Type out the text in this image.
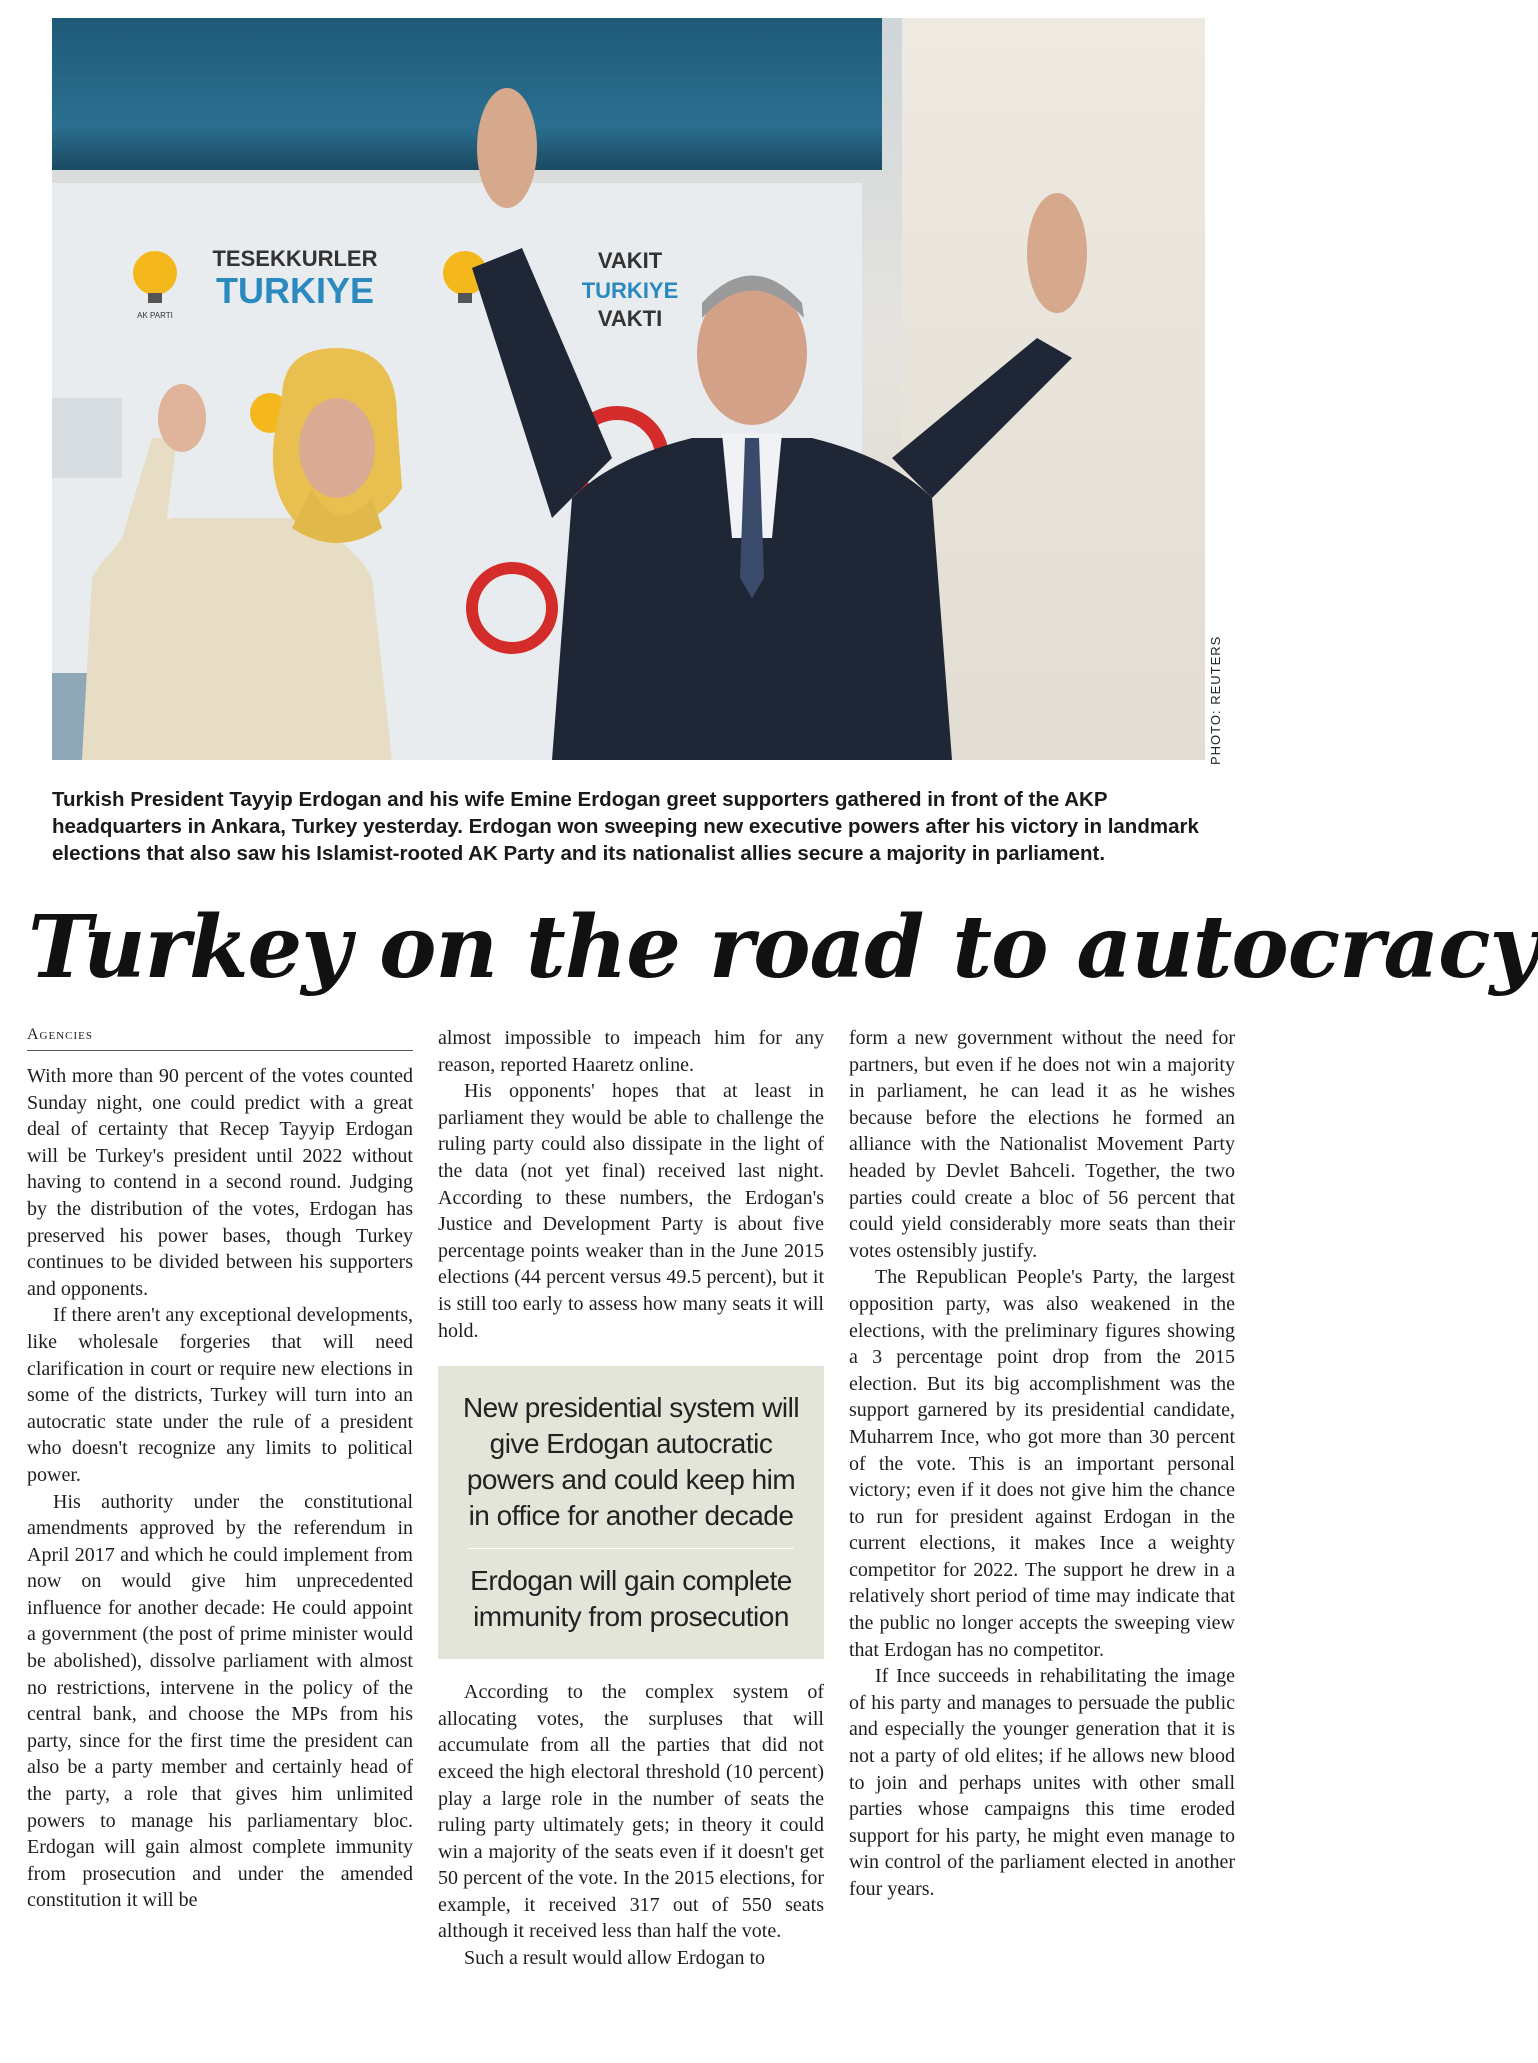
AK PARTI
TESEKKURLER
TURKIYE
VAKIT
TURKIYE
VAKTI
PHOTO: REUTERS

Turkish President Tayyip Erdogan and his wife Emine Erdogan greet supporters gathered in front of the AKP headquarters in Ankara, Turkey yesterday. Erdogan won sweeping new executive powers after his victory in landmark elections that also saw his Islamist-rooted AK Party and its nationalist allies secure a majority in parliament.

Turkey on the road to autocracy

Agencies

With more than 90 percent of the votes counted Sunday night, one could predict with a great deal of certainty that Recep Tayyip Erdogan will be Turkey's president until 2022 without having to contend in a second round. Judging by the distribution of the votes, Erdogan has preserved his power bases, though Turkey continues to be divided between his supporters and opponents.

If there aren't any exceptional developments, like wholesale forgeries that will need clarification in court or require new elections in some of the districts, Turkey will turn into an autocratic state under the rule of a president who doesn't recognize any limits to political power.

His authority under the constitutional amendments approved by the referendum in April 2017 and which he could implement from now on would give him unprecedented influence for another decade: He could appoint a government (the post of prime minister would be abolished), dissolve parliament with almost no restrictions, intervene in the policy of the central bank, and choose the MPs from his party, since for the first time the president can also be a party member and certainly head of the party, a role that gives him unlimited powers to manage his parliamentary bloc. Erdogan will gain almost complete immunity from prosecution and under the amended constitution it will be

almost impossible to impeach him for any reason, reported Haaretz online.

His opponents' hopes that at least in parliament they would be able to challenge the ruling party could also dissipate in the light of the data (not yet final) received last night. According to these numbers, the Erdogan's Justice and Development Party is about five percentage points weaker than in the June 2015 elections (44 percent versus 49.5 percent), but it is still too early to assess how many seats it will hold.

New presidential system will give Erdogan autocratic powers and could keep him in office for another decade
Erdogan will gain complete immunity from prosecution

According to the complex system of allocating votes, the surpluses that will accumulate from all the parties that did not exceed the high electoral threshold (10 percent) play a large role in the number of seats the ruling party ultimately gets; in theory it could win a majority of the seats even if it doesn't get 50 percent of the vote. In the 2015 elections, for example, it received 317 out of 550 seats although it received less than half the vote.

Such a result would allow Erdogan to

form a new government without the need for partners, but even if he does not win a majority in parliament, he can lead it as he wishes because before the elections he formed an alliance with the Nationalist Movement Party headed by Devlet Bahceli. Together, the two parties could create a bloc of 56 percent that could yield considerably more seats than their votes ostensibly justify.

The Republican People's Party, the largest opposition party, was also weakened in the elections, with the preliminary figures showing a 3 percentage point drop from the 2015 election. But its big accomplishment was the support garnered by its presidential candidate, Muharrem Ince, who got more than 30 percent of the vote. This is an important personal victory; even if it does not give him the chance to run for president against Erdogan in the current elections, it makes Ince a weighty competitor for 2022. The support he drew in a relatively short period of time may indicate that the public no longer accepts the sweeping view that Erdogan has no competitor.

If Ince succeeds in rehabilitating the image of his party and manages to persuade the public and especially the younger generation that it is not a party of old elites; if he allows new blood to join and perhaps unites with other small parties whose campaigns this time eroded support for his party, he might even manage to win control of the parliament elected in another four years.
